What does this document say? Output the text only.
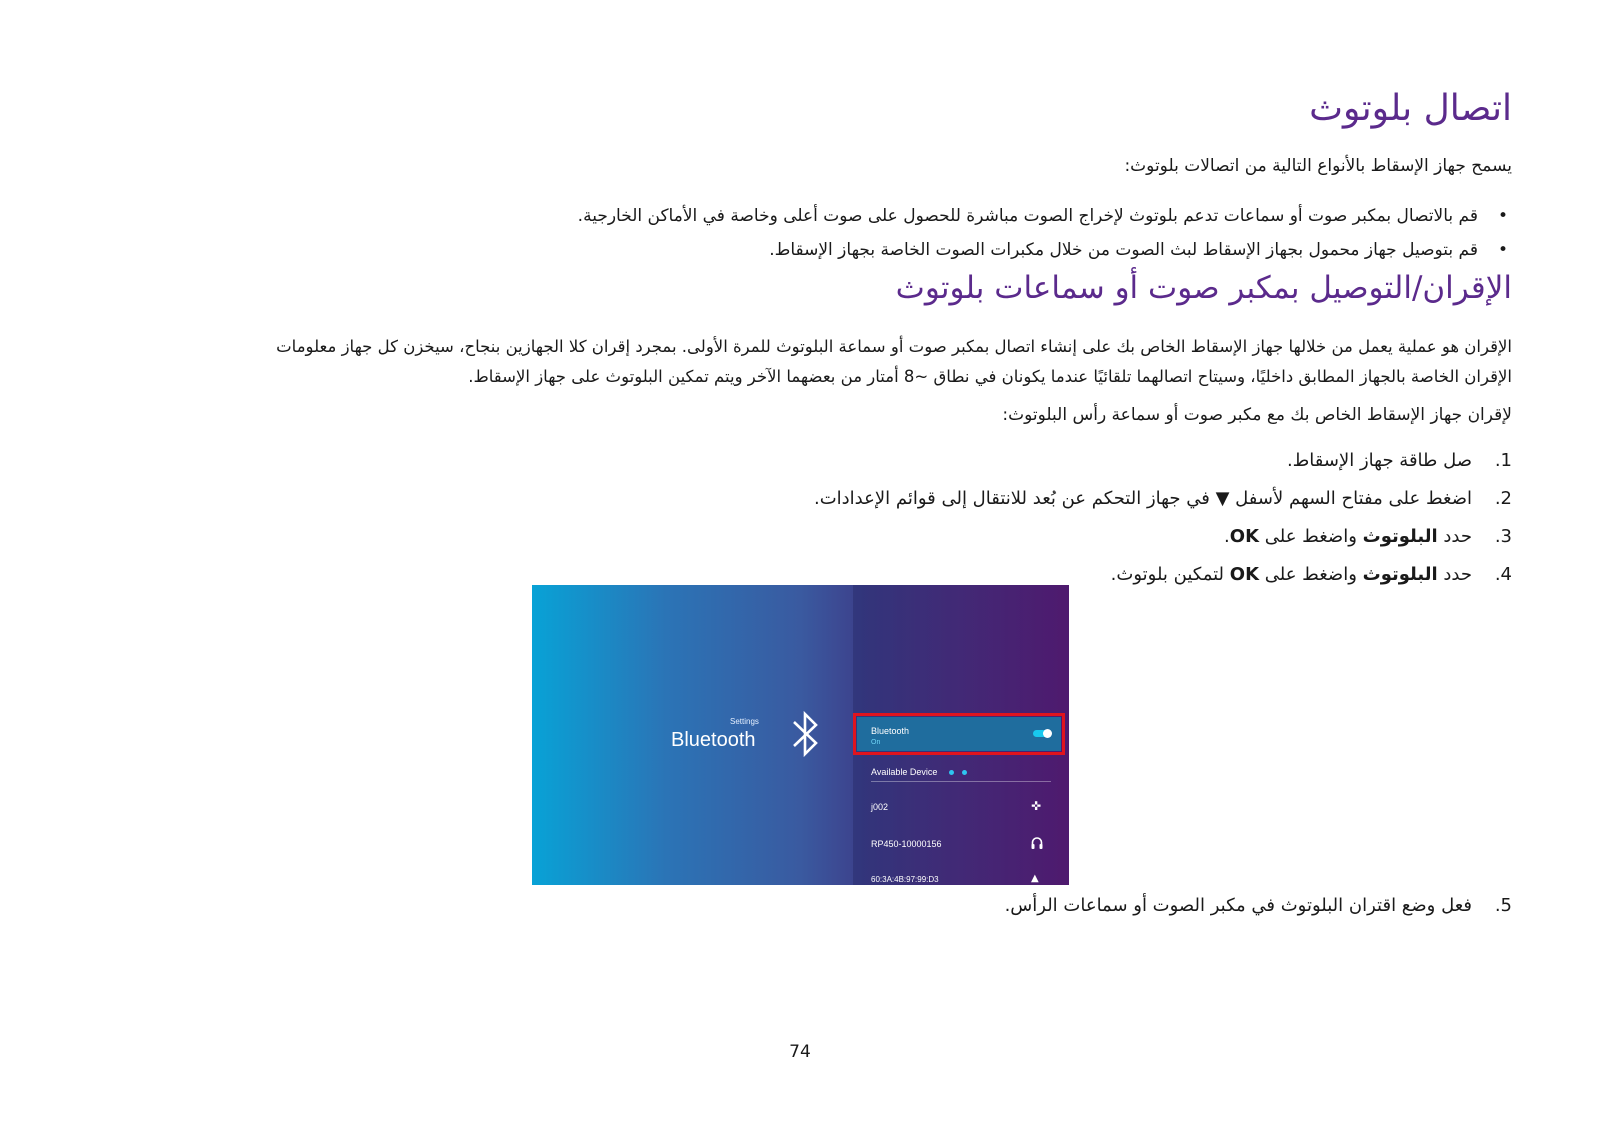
اتصال بلوتوث

يسمح جهاز الإسقاط بالأنواع التالية من اتصالات بلوتوث:

• قم بالاتصال بمكبر صوت أو سماعات تدعم بلوتوث لإخراج الصوت مباشرة للحصول على صوت أعلى وخاصة في الأماكن الخارجية.
• قم بتوصيل جهاز محمول بجهاز الإسقاط لبث الصوت من خلال مكبرات الصوت الخاصة بجهاز الإسقاط.
الإقران/التوصيل بمكبر صوت أو سماعات بلوتوث

الإقران هو عملية يعمل من خلالها جهاز الإسقاط الخاص بك على إنشاء اتصال بمكبر صوت أو سماعة البلوتوث للمرة الأولى. بمجرد إقران كلا الجهازين بنجاح، سيخزن كل جهاز معلومات
الإقران الخاصة بالجهاز المطابق داخليًا، وسيتاح اتصالهما تلقائيًا عندما يكونان في نطاق ~8 أمتار من بعضهما الآخر ويتم تمكين البلوتوث على جهاز الإسقاط.

لإقران جهاز الإسقاط الخاص بك مع مكبر صوت أو سماعة رأس البلوتوث:

1.
صل طاقة جهاز الإسقاط.
2.
اضغط على مفتاح السهم لأسفل ▼ في جهاز التحكم عن بُعد للانتقال إلى قوائم الإعدادات.
3.
حدد البلوتوث واضغط على OK.
4.
حدد البلوتوث واضغط على OK لتمكين بلوتوث.
Settings
Bluetooth	Bluetooth
On
Available Device
j002	✜
RP450-10000156
60:3A:4B:97:99:D3	▲
5.
فعل وضع اقتران البلوتوث في مكبر الصوت أو سماعات الرأس.
74
